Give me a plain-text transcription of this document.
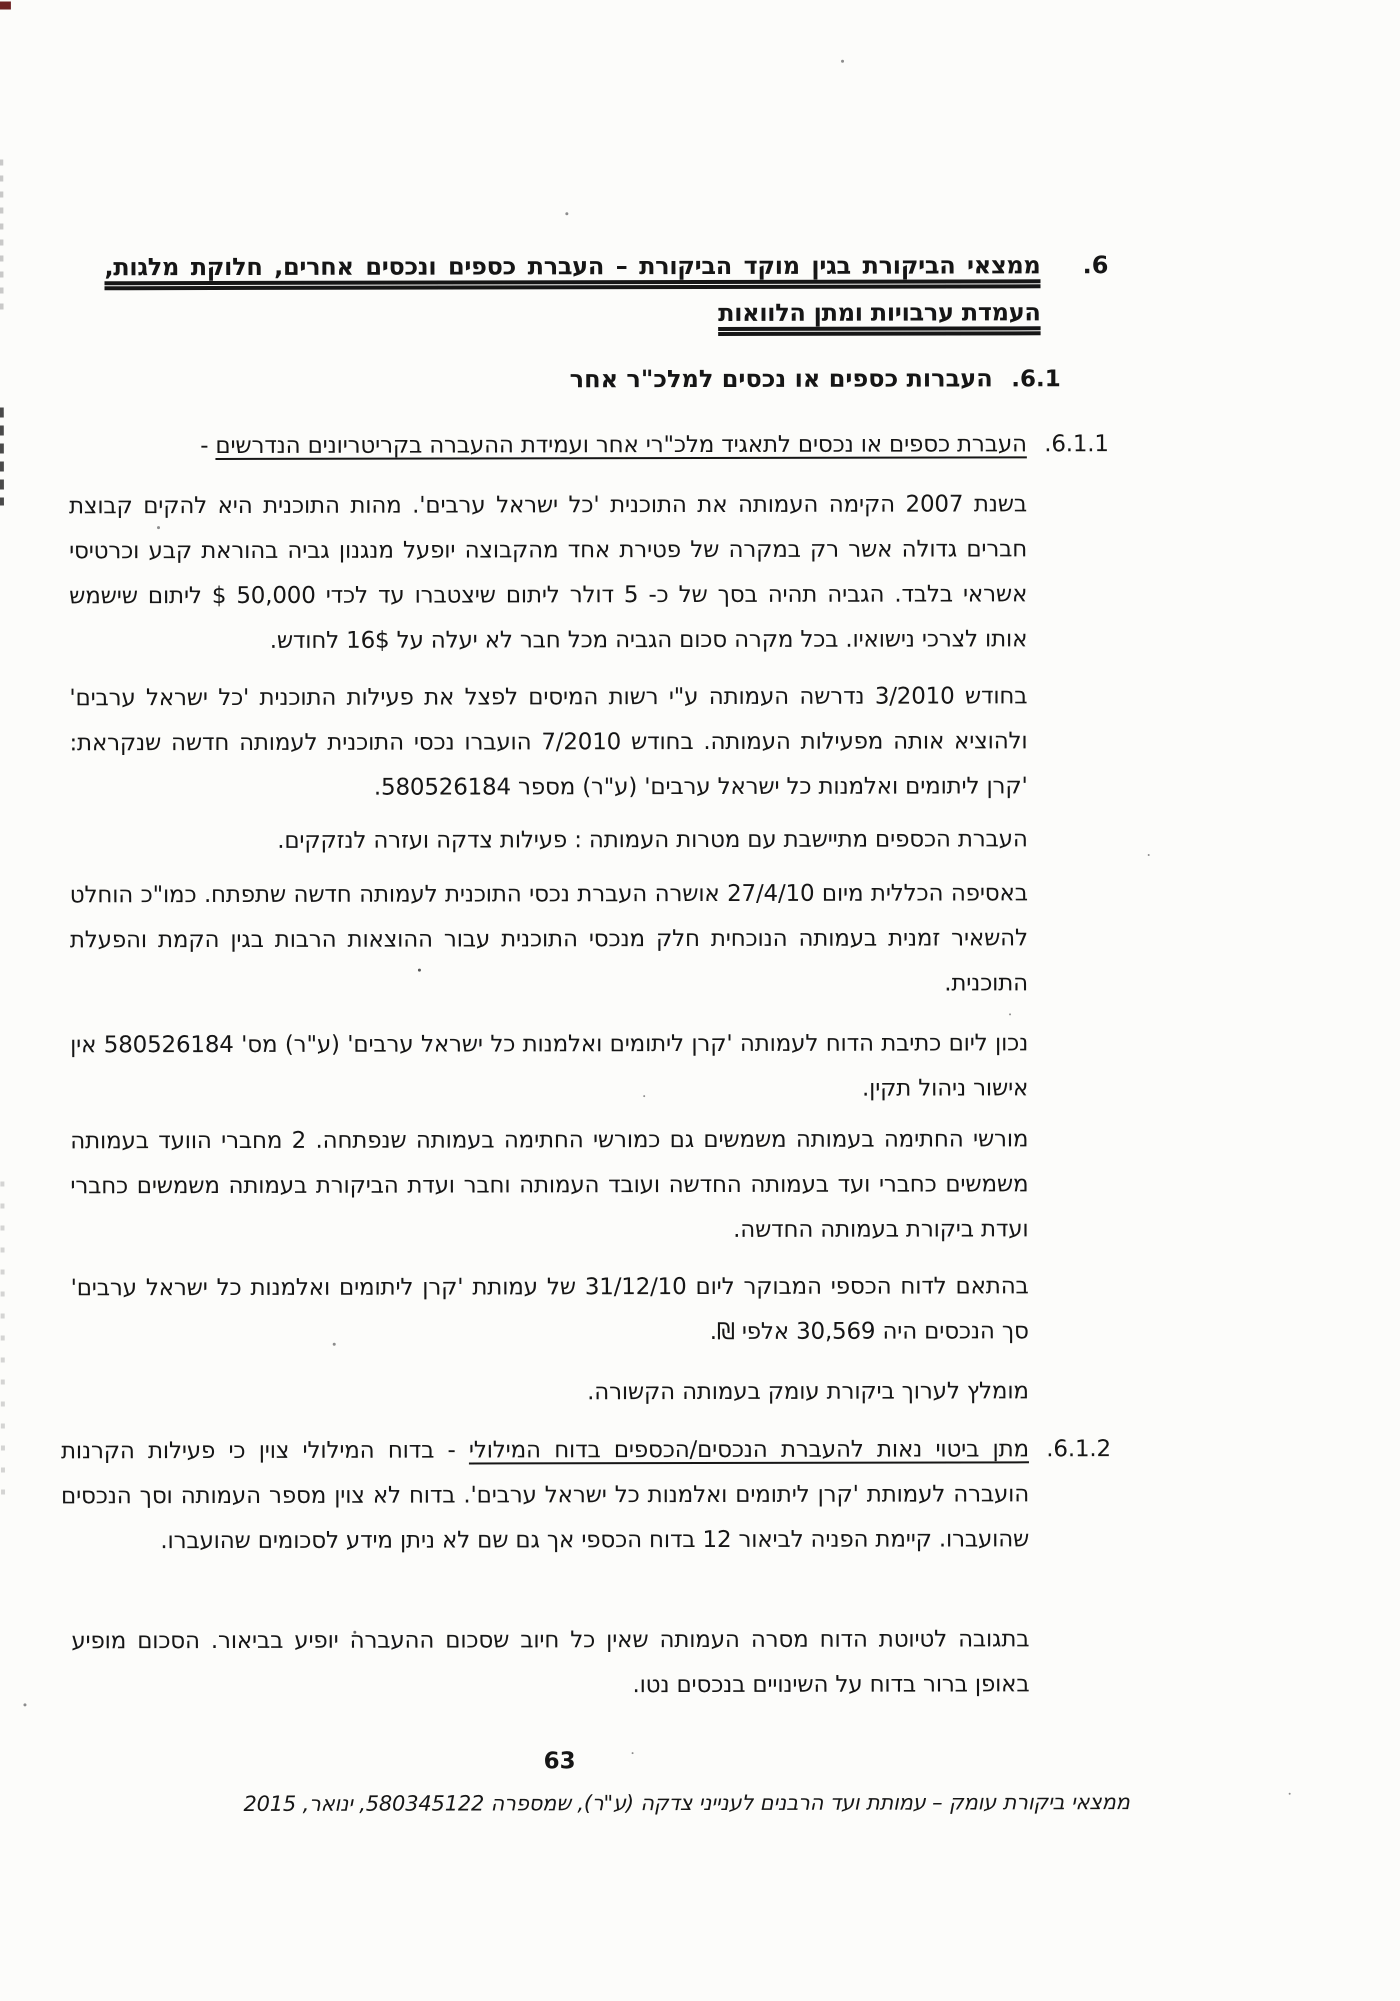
6.
ממצאי הביקורת בגין מוקד הביקורת – העברת כספים ונכסים אחרים, חלוקת מלגות, העמדת ערבויות ומתן הלוואות
6.1.
העברות כספים או נכסים למלכ"ר אחר
6.1.1.
העברת כספים או נכסים לתאגיד מלכ"רי אחר ועמידת ההעברה בקריטריונים הנדרשים -
בשנת 2007 הקימה העמותה את התוכנית 'כל ישראל ערבים'. מהות התוכנית היא להקים קבוצת חברים גדולה אשר רק במקרה של פטירת אחד מהקבוצה יופעל מנגנון גביה בהוראת קבע וכרטיסי אשראי בלבד. הגביה תהיה בסך של כ- 5 דולר ליתום שיצטברו עד לכדי 50,000 $ ליתום שישמש אותו לצרכי נישואיו. בכל מקרה סכום הגביה מכל חבר לא יעלה על 16$ לחודש.
בחודש 3/2010 נדרשה העמותה ע"י רשות המיסים לפצל את פעילות התוכנית 'כל ישראל ערבים' ולהוציא אותה מפעילות העמותה. בחודש 7/2010 הועברו נכסי התוכנית לעמותה חדשה שנקראת: 'קרן ליתומים ואלמנות כל ישראל ערבים' (ע"ר) מספר 580526184.
העברת הכספים מתיישבת עם מטרות העמותה : פעילות צדקה ועזרה לנזקקים.
באסיפה הכללית מיום 27/4/10 אושרה העברת נכסי התוכנית לעמותה חדשה שתפתח. כמו"כ הוחלט להשאיר זמנית בעמותה הנוכחית חלק מנכסי התוכנית עבור ההוצאות הרבות בגין הקמת והפעלת התוכנית.
נכון ליום כתיבת הדוח לעמותה 'קרן ליתומים ואלמנות כל ישראל ערבים' (ע"ר) מס' 580526184 אין אישור ניהול תקין.
מורשי החתימה בעמותה משמשים גם כמורשי החתימה בעמותה שנפתחה. 2 מחברי הוועד בעמותה משמשים כחברי ועד בעמותה החדשה ועובד העמותה וחבר ועדת הביקורת בעמותה משמשים כחברי ועדת ביקורת בעמותה החדשה.
בהתאם לדוח הכספי המבוקר ליום 31/12/10 של עמותת 'קרן ליתומים ואלמנות כל ישראל ערבים' סך הנכסים היה 30,569 אלפי ₪.
מומלץ לערוך ביקורת עומק בעמותה הקשורה.
6.1.2.
מתן ביטוי נאות להעברת הנכסים/הכספים בדוח המילולי - בדוח המילולי צוין כי פעילות הקרנות הועברה לעמותת 'קרן ליתומים ואלמנות כל ישראל ערבים'. בדוח לא צוין מספר העמותה וסך הנכסים שהועברו. קיימת הפניה לביאור 12 בדוח הכספי אך גם שם לא ניתן מידע לסכומים שהועברו.
בתגובה לטיוטת הדוח מסרה העמותה שאין כל חיוב שסכום ההעברה יופיע בביאור. הסכום מופיע באופן ברור בדוח על השינויים בנכסים נטו.
63
ממצאי ביקורת עומק – עמותת ועד הרבנים לענייני צדקה (ע"ר), שמספרה 580345122, ינואר, 2015
